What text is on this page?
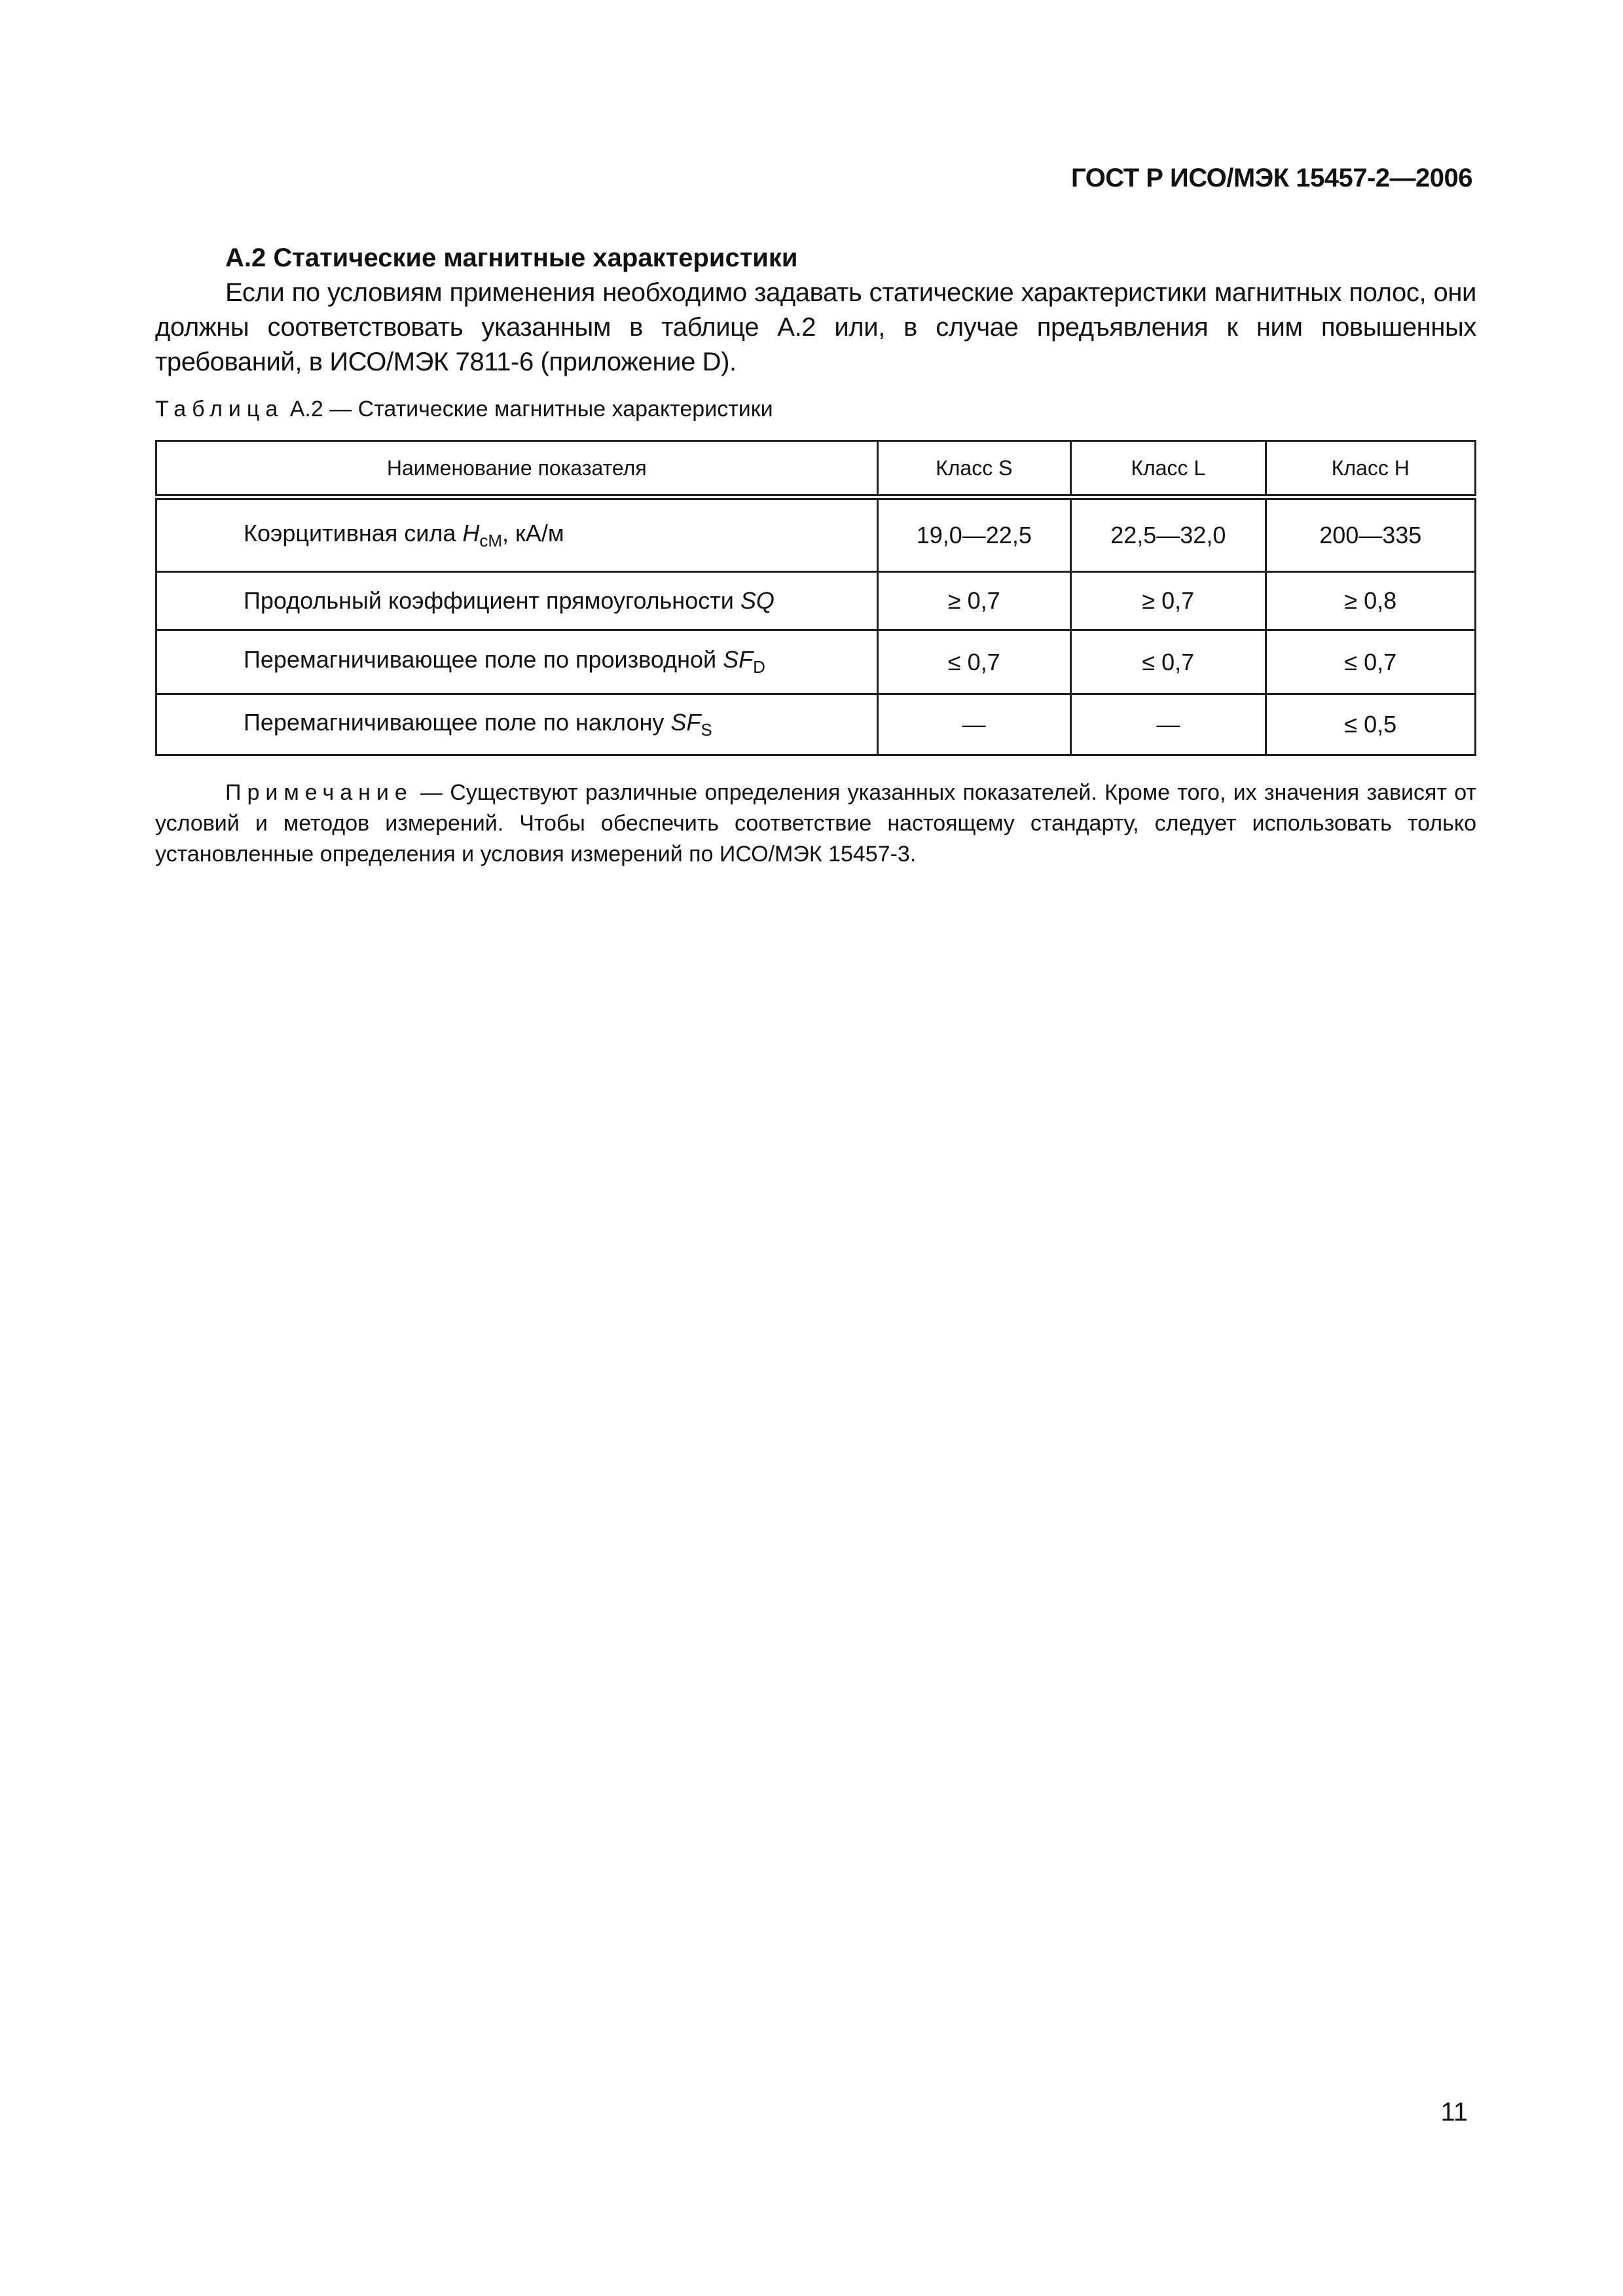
ГОСТ Р ИСО/МЭК 15457-2—2006
А.2 Статические магнитные характеристики
Если по условиям применения необходимо задавать статические характеристики магнитных полос, они должны соответствовать указанным в таблице А.2 или, в случае предъявления к ним повышенных требований, в ИСО/МЭК 7811-6 (приложение D).
Таблица А.2 — Статические магнитные характеристики
Наименование показателя	Класс S	Класс L	Класс H
Коэрцитивная сила $H_{сМ}$, кА/м	19,0—22,5	22,5—32,0	200—335
Продольный коэффициент прямоугольности SQ	≥ 0,7	≥ 0,7	≥ 0,8
Перемагничивающее поле по производной $SF_D$	≤ 0,7	≤ 0,7	≤ 0,7
Перемагничивающее поле по наклону $SF_S$	—	—	≤ 0,5
Примечание — Существуют различные определения указанных показателей. Кроме того, их значения зависят от условий и методов измерений. Чтобы обеспечить соответствие настоящему стандарту, следует использовать только установленные определения и условия измерений по ИСО/МЭК 15457-3.
11
